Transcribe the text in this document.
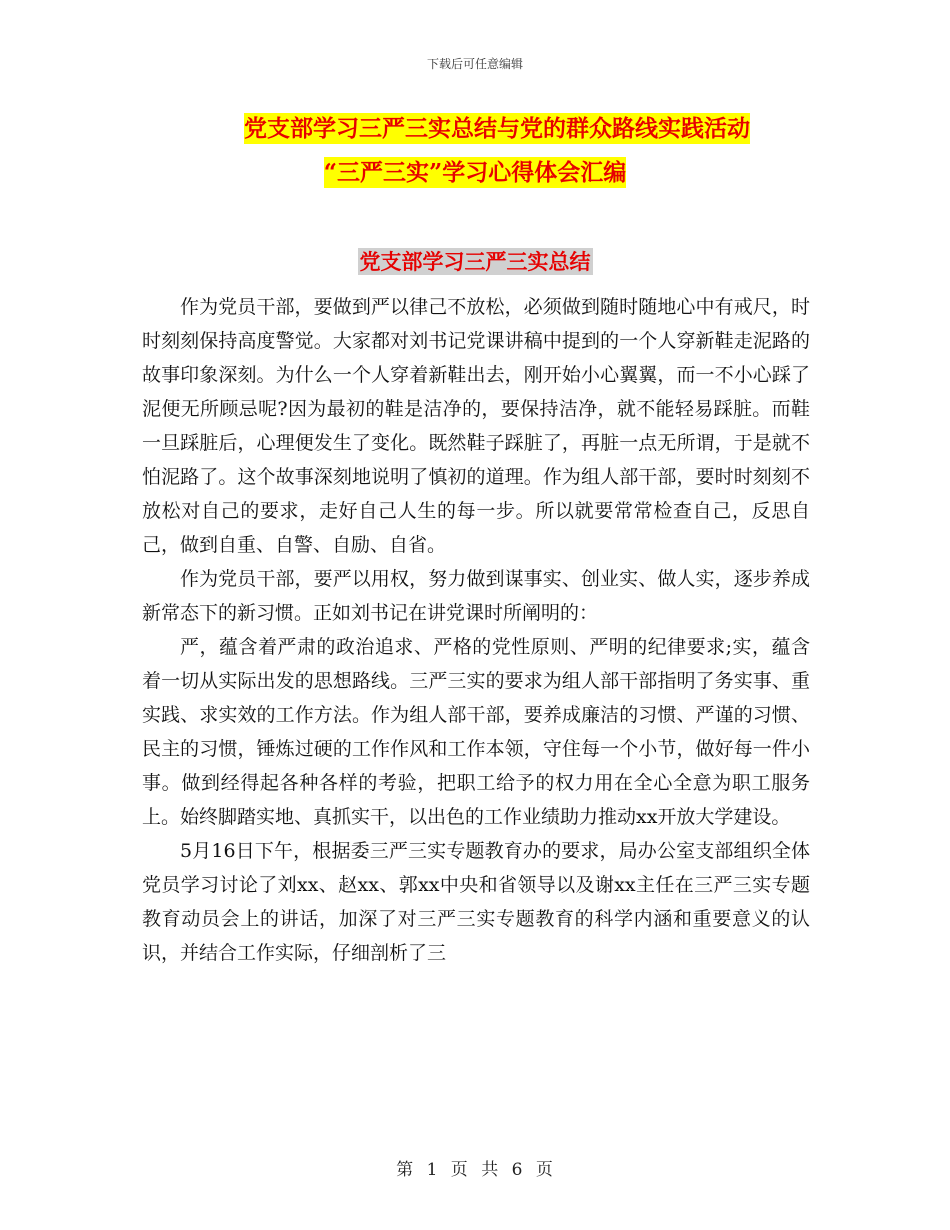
下载后可任意编辑
党支部学习三严三实总结与党的群众路线实践活动
“三严三实”学习心得体会汇编
党支部学习三严三实总结

作为党员干部，要做到严以律己不放松，必须做到随时随地心中有戒尺，时时刻刻保持高度警觉。大家都对刘书记党课讲稿中提到的一个人穿新鞋走泥路的故事印象深刻。为什么一个人穿着新鞋出去，刚开始小心翼翼，而一不小心踩了泥便无所顾忌呢?因为最初的鞋是洁净的，要保持洁净，就不能轻易踩脏。而鞋一旦踩脏后，心理便发生了变化。既然鞋子踩脏了，再脏一点无所谓，于是就不怕泥路了。这个故事深刻地说明了慎初的道理。作为组人部干部，要时时刻刻不放松对自己的要求，走好自己人生的每一步。所以就要常常检查自己，反思自己，做到自重、自警、自励、自省。

作为党员干部，要严以用权，努力做到谋事实、创业实、做人实，逐步养成新常态下的新习惯。正如刘书记在讲党课时所阐明的：

严，蕴含着严肃的政治追求、严格的党性原则、严明的纪律要求;实，蕴含着一切从实际出发的思想路线。三严三实的要求为组人部干部指明了务实事、重实践、求实效的工作方法。作为组人部干部，要养成廉洁的习惯、严谨的习惯、民主的习惯，锤炼过硬的工作作风和工作本领，守住每一个小节，做好每一件小事。做到经得起各种各样的考验，把职工给予的权力用在全心全意为职工服务上。始终脚踏实地、真抓实干，以出色的工作业绩助力推动xx开放大学建设。

5月16日下午，根据委三严三实专题教育办的要求，局办公室支部组织全体党员学习讨论了刘xx、赵xx、郭xx中央和省领导以及谢xx主任在三严三实专题教育动员会上的讲话，加深了对三严三实专题教育的科学内涵和重要意义的认识，并结合工作实际，仔细剖析了三

第 1 页 共 6 页
